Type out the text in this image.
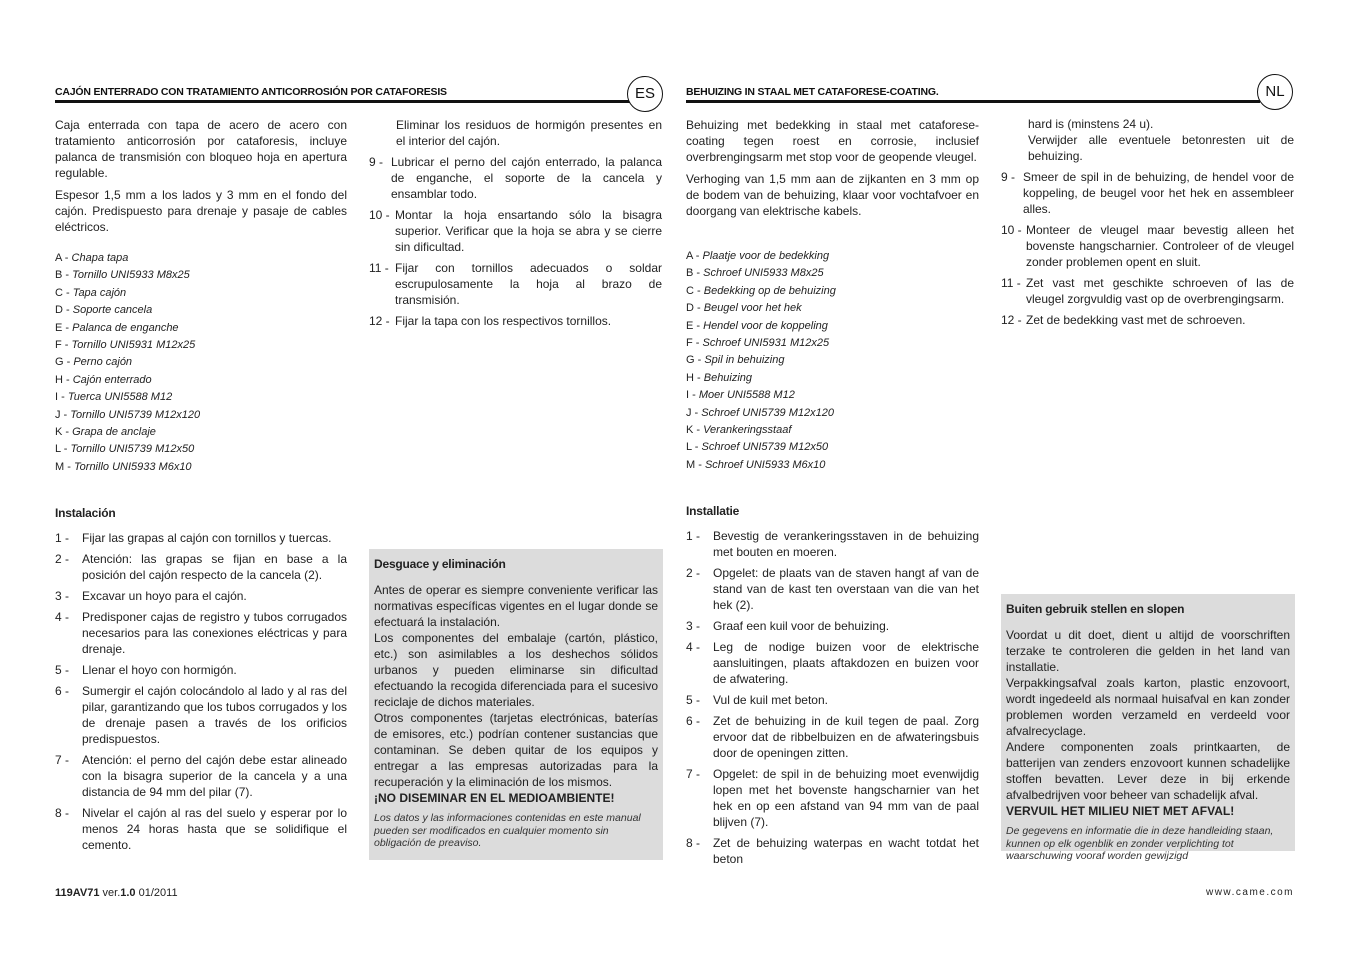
CAJÓN ENTERRADO CON TRATAMIENTO ANTICORROSIÓN POR CATAFORESIS	ES	BEHUIZING IN STAAL MET CATAFORESE-COATING.	NL

Caja enterrada con tapa de acero de acero con tratamiento anticorrosión por cataforesis, incluye palanca de transmisión con bloqueo hoja en apertura regulable.

Espesor 1,5 mm a los lados y 3 mm en el fondo del cajón. Predispuesto para drenaje y pasaje de cables eléctricos.

A - Chapa tapa
B - Tornillo UNI5933 M8x25
C - Tapa cajón
D - Soporte cancela
E - Palanca de enganche
F - Tornillo UNI5931 M12x25
G - Perno cajón
H - Cajón enterrado
I - Tuerca UNI5588 M12
J - Tornillo UNI5739 M12x120
K - Grapa de anclaje
L - Tornillo UNI5739 M12x50
M - Tornillo UNI5933 M6x10
Instalación
1 - Fijar las grapas al cajón con tornillos y tuercas.
2 - Atención: las grapas se fijan en base a la posición del cajón respecto de la cancela (2).
3 - Excavar un hoyo para el cajón.
4 - Predisponer cajas de registro y tubos corrugados necesarios para las conexiones eléctricas y para drenaje.
5 - Llenar el hoyo con hormigón.
6 - Sumergir el cajón colocándolo al lado y al ras del pilar, garantizando que los tubos corrugados y los de drenaje pasen a través de los orificios predispuestos.
7 - Atención: el perno del cajón debe estar alineado con la bisagra superior de la cancela y a una distancia de 94 mm del pilar (7).
8 - Nivelar el cajón al ras del suelo y esperar por lo menos 24 horas hasta que se solidifique el cemento.
Eliminar los residuos de hormigón presentes en el interior del cajón.
9 - Lubricar el perno del cajón enterrado, la palanca de enganche, el soporte de la cancela y ensamblar todo.
10 - Montar la hoja ensartando sólo la bisagra superior. Verificar que la hoja se abra y se cierre sin dificultad.
11 - Fijar con tornillos adecuados o soldar escrupulosamente la hoja al brazo de transmisión.
12 - Fijar la tapa con los respectivos tornillos.
Desguace y eliminación
Antes de operar es siempre conveniente verificar las normativas específicas vigentes en el lugar donde se efectuará la instalación.
Los componentes del embalaje (cartón, plástico, etc.) son asimilables a los deshechos sólidos urbanos y pueden eliminarse sin dificultad efectuando la recogida diferenciada para el sucesivo reciclaje de dichos materiales.
Otros componentes (tarjetas electrónicas, baterías de emisores, etc.) podrían contener sustancias que contaminan. Se deben quitar de los equipos y entregar a las empresas autorizadas para la recuperación y la eliminación de los mismos.
¡NO DISEMINAR EN EL MEDIOAMBIENTE!
Los datos y las informaciones contenidas en este manual pueden ser modificados en cualquier momento sin obligación de preaviso.

Behuizing met bedekking in staal met cataforese-coating tegen roest en corrosie, inclusief overbrengingsarm met stop voor de geopende vleugel.

Verhoging van 1,5 mm aan de zijkanten en 3 mm op de bodem van de behuizing, klaar voor vochtafvoer en doorgang van elektrische kabels.

A - Plaatje voor de bedekking
B - Schroef UNI5933 M8x25
C - Bedekking op de behuizing
D - Beugel voor het hek
E - Hendel voor de koppeling
F - Schroef UNI5931 M12x25
G - Spil in behuizing
H - Behuizing
I - Moer UNI5588 M12
J - Schroef UNI5739 M12x120
K - Verankeringsstaaf
L - Schroef UNI5739 M12x50
M - Schroef UNI5933 M6x10
Installatie
1 - Bevestig de verankeringsstaven in de behuizing met bouten en moeren.
2 - Opgelet: de plaats van de staven hangt af van de stand van de kast ten overstaan van die van het hek (2).
3 - Graaf een kuil voor de behuizing.
4 - Leg de nodige buizen voor de elektrische aansluitingen, plaats aftakdozen en buizen voor de afwatering.
5 - Vul de kuil met beton.
6 - Zet de behuizing in de kuil tegen de paal. Zorg ervoor dat de ribbelbuizen en de afwateringsbuis door de openingen zitten.
7 - Opgelet: de spil in de behuizing moet evenwijdig lopen met het bovenste hangscharnier van het hek en op een afstand van 94 mm van de paal blijven (7).
8 - Zet de behuizing waterpas en wacht totdat het beton
hard is (minstens 24 u).
Verwijder alle eventuele betonresten uit de behuizing.
9 - Smeer de spil in de behuizing, de hendel voor de koppeling, de beugel voor het hek en assembleer alles.
10 - Monteer de vleugel maar bevestig alleen het bovenste hangscharnier. Controleer of de vleugel zonder problemen opent en sluit.
11 - Zet vast met geschikte schroeven of las de vleugel zorgvuldig vast op de overbrengingsarm.
12 - Zet de bedekking vast met de schroeven.
Buiten gebruik stellen en slopen
Voordat u dit doet, dient u altijd de voorschriften terzake te controleren die gelden in het land van installatie.
Verpakkingsafval zoals karton, plastic enzovoort, wordt ingedeeld als normaal huisafval en kan zonder problemen worden verzameld en verdeeld voor afvalrecyclage.
Andere componenten zoals printkaarten, de batterijen van zenders enzovoort kunnen schadelijke stoffen bevatten. Lever deze in bij erkende afvalbedrijven voor beheer van schadelijk afval.
VERVUIL HET MILIEU NIET MET AFVAL!
De gegevens en informatie die in deze handleiding staan, kunnen op elk ogenblik en zonder verplichting tot waarschuwing vooraf worden gewijzigd
119AV71 ver.1.0 01/2011	www.came.com
